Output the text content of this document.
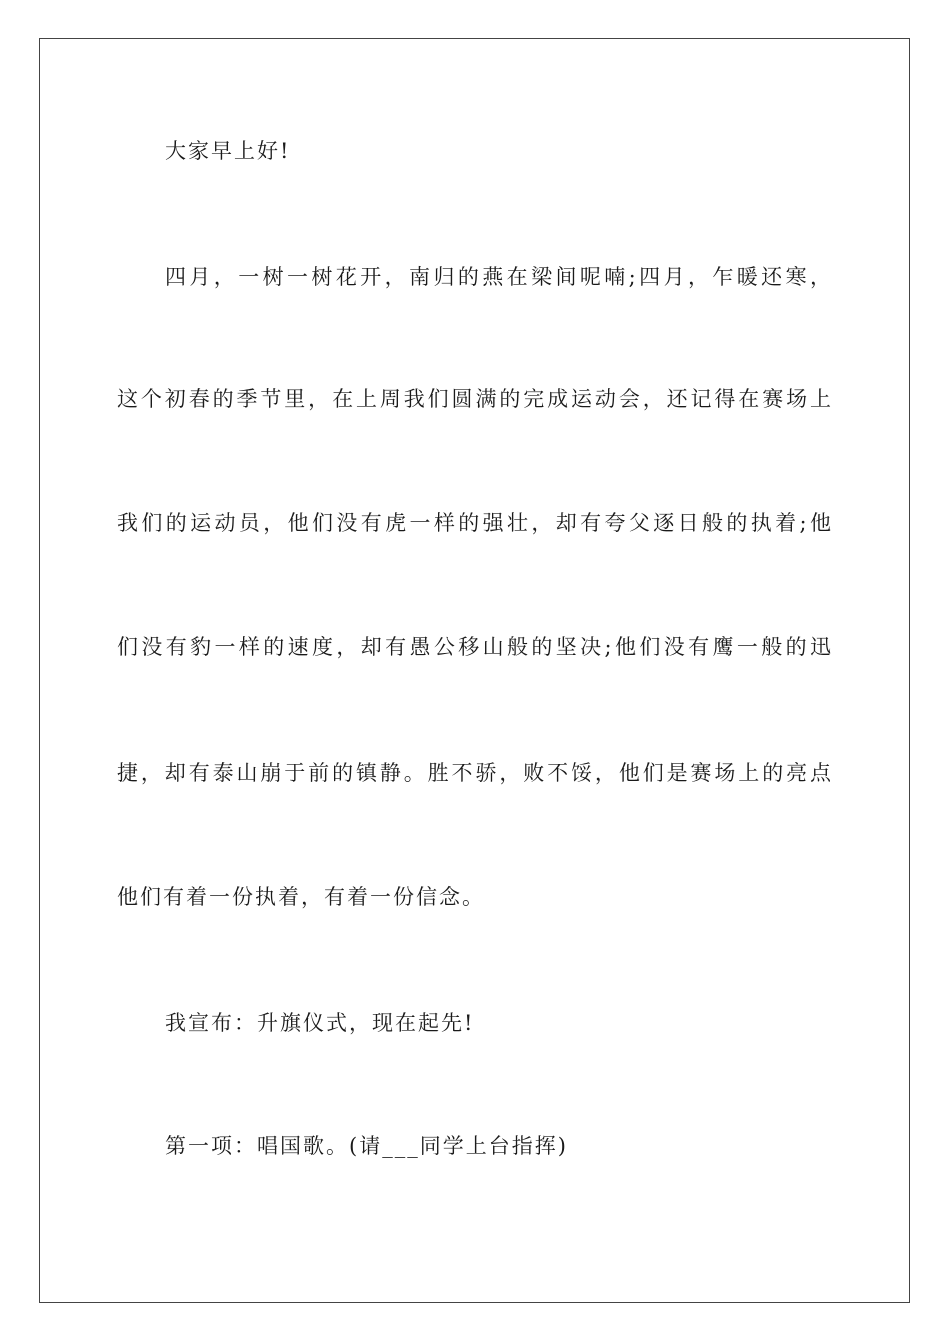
大家早上好!

四月，一树一树花开，南归的燕在梁间呢喃;四月，乍暖还寒，

这个初春的季节里，在上周我们圆满的完成运动会，还记得在赛场上

我们的运动员，他们没有虎一样的强壮，却有夸父逐日般的执着;他

们没有豹一样的速度，却有愚公移山般的坚决;他们没有鹰一般的迅

捷，却有泰山崩于前的镇静。胜不骄，败不馁，他们是赛场上的亮点

他们有着一份执着，有着一份信念。

我宣布：升旗仪式，现在起先!

第一项：唱国歌。(请___同学上台指挥)
